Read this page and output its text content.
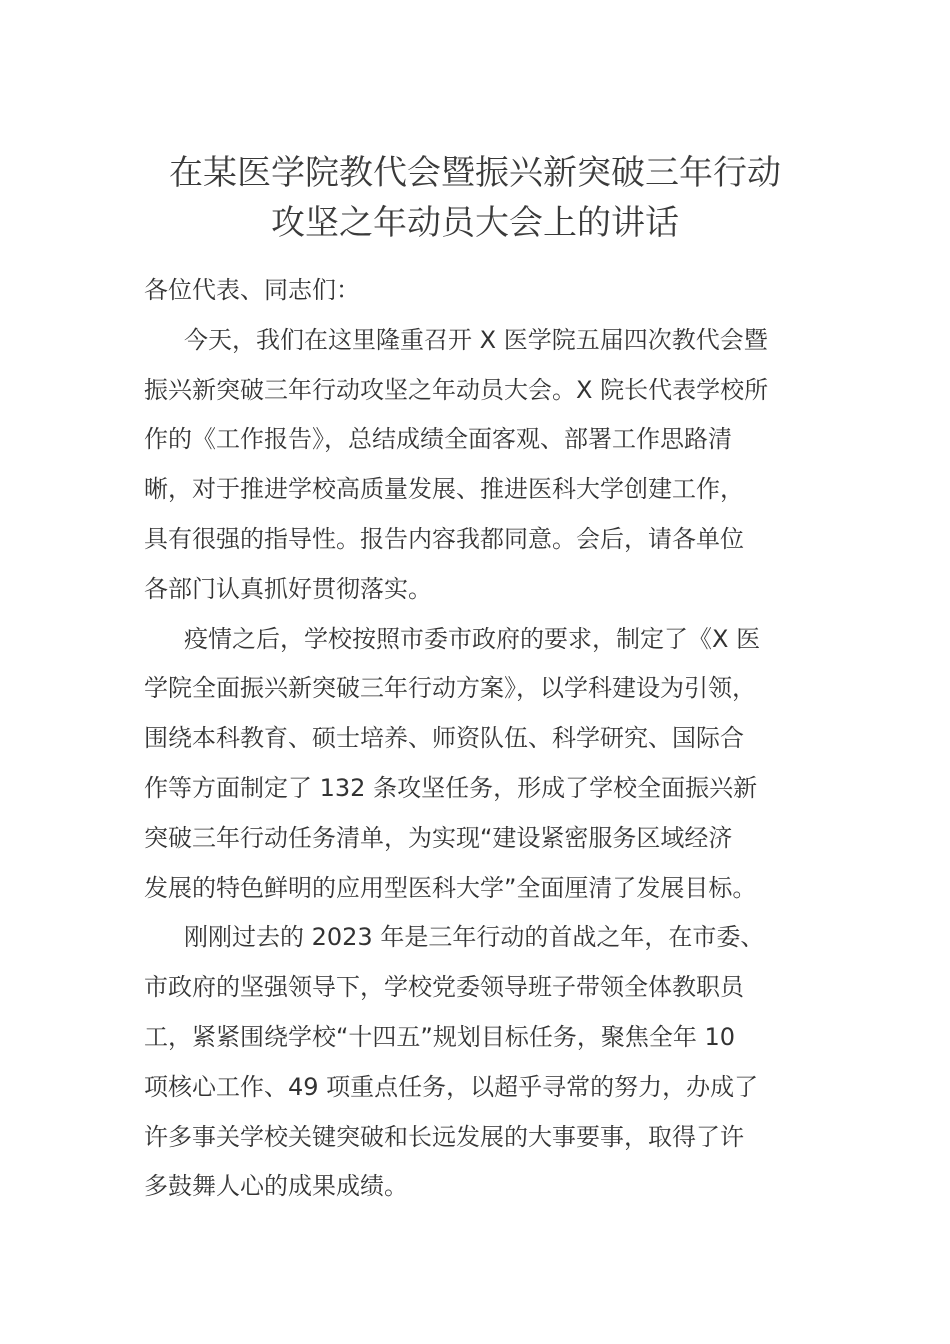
在某医学院教代会暨振兴新突破三年行动
攻坚之年动员大会上的讲话
各位代表、同志们：
今天，我们在这里隆重召开 X 医学院五届四次教代会暨
振兴新突破三年行动攻坚之年动员大会。X 院长代表学校所
作的《工作报告》，总结成绩全面客观、部署工作思路清
晰，对于推进学校高质量发展、推进医科大学创建工作，
具有很强的指导性。报告内容我都同意。会后，请各单位
各部门认真抓好贯彻落实。
疫情之后，学校按照市委市政府的要求，制定了《X 医
学院全面振兴新突破三年行动方案》，以学科建设为引领，
围绕本科教育、硕士培养、师资队伍、科学研究、国际合
作等方面制定了 132 条攻坚任务，形成了学校全面振兴新
突破三年行动任务清单，为实现“建设紧密服务区域经济
发展的特色鲜明的应用型医科大学”全面厘清了发展目标。
刚刚过去的 2023 年是三年行动的首战之年，在市委、
市政府的坚强领导下，学校党委领导班子带领全体教职员
工，紧紧围绕学校“十四五”规划目标任务，聚焦全年 10
项核心工作、49 项重点任务，以超乎寻常的努力，办成了
许多事关学校关键突破和长远发展的大事要事，取得了许
多鼓舞人心的成果成绩。
